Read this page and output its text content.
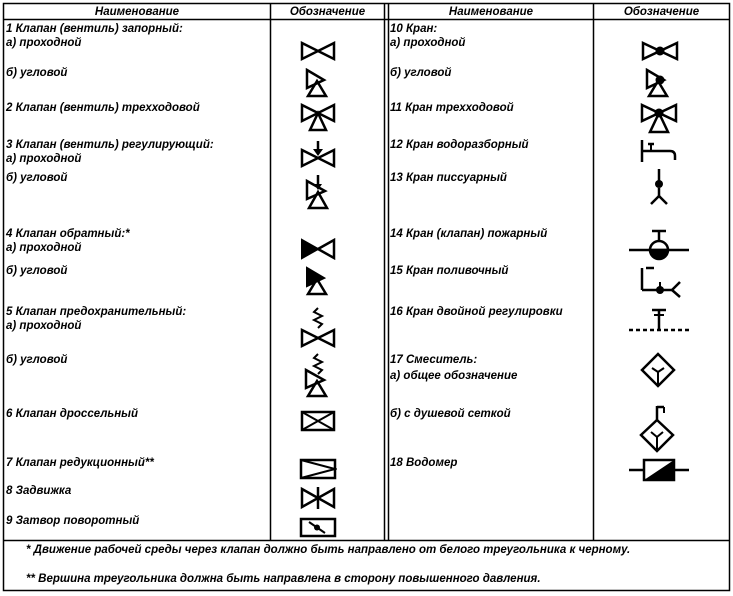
Наименование	Обозначение	Наименование	Обозначение
1 Клапан (вентиль) запорный:
а) проходной
б) угловой
2 Клапан (вентиль) трехходовой
3 Клапан (вентиль) регулирующий:
а) проходной
б) угловой
4 Клапан обратный:*
а) проходной
б) угловой
5 Клапан предохранительный:
а) проходной
б) угловой
6 Клапан дроссельный
7 Клапан редукционный**
8 Задвижка
9 Затвор поворотный
10 Кран:
а) проходной
б) угловой
11 Кран трехходовой
12 Кран водоразборный
13 Кран писсуарный
14 Кран (клапан) пожарный
15 Кран поливочный
16 Кран двойной регулировки
17 Смеситель:
а) общее обозначение
б) с душевой сеткой
18 Водомер
* Движение рабочей среды через клапан должно быть направлено от белого треугольника к черному.
** Вершина треугольника должна быть направлена в сторону повышенного давления.
